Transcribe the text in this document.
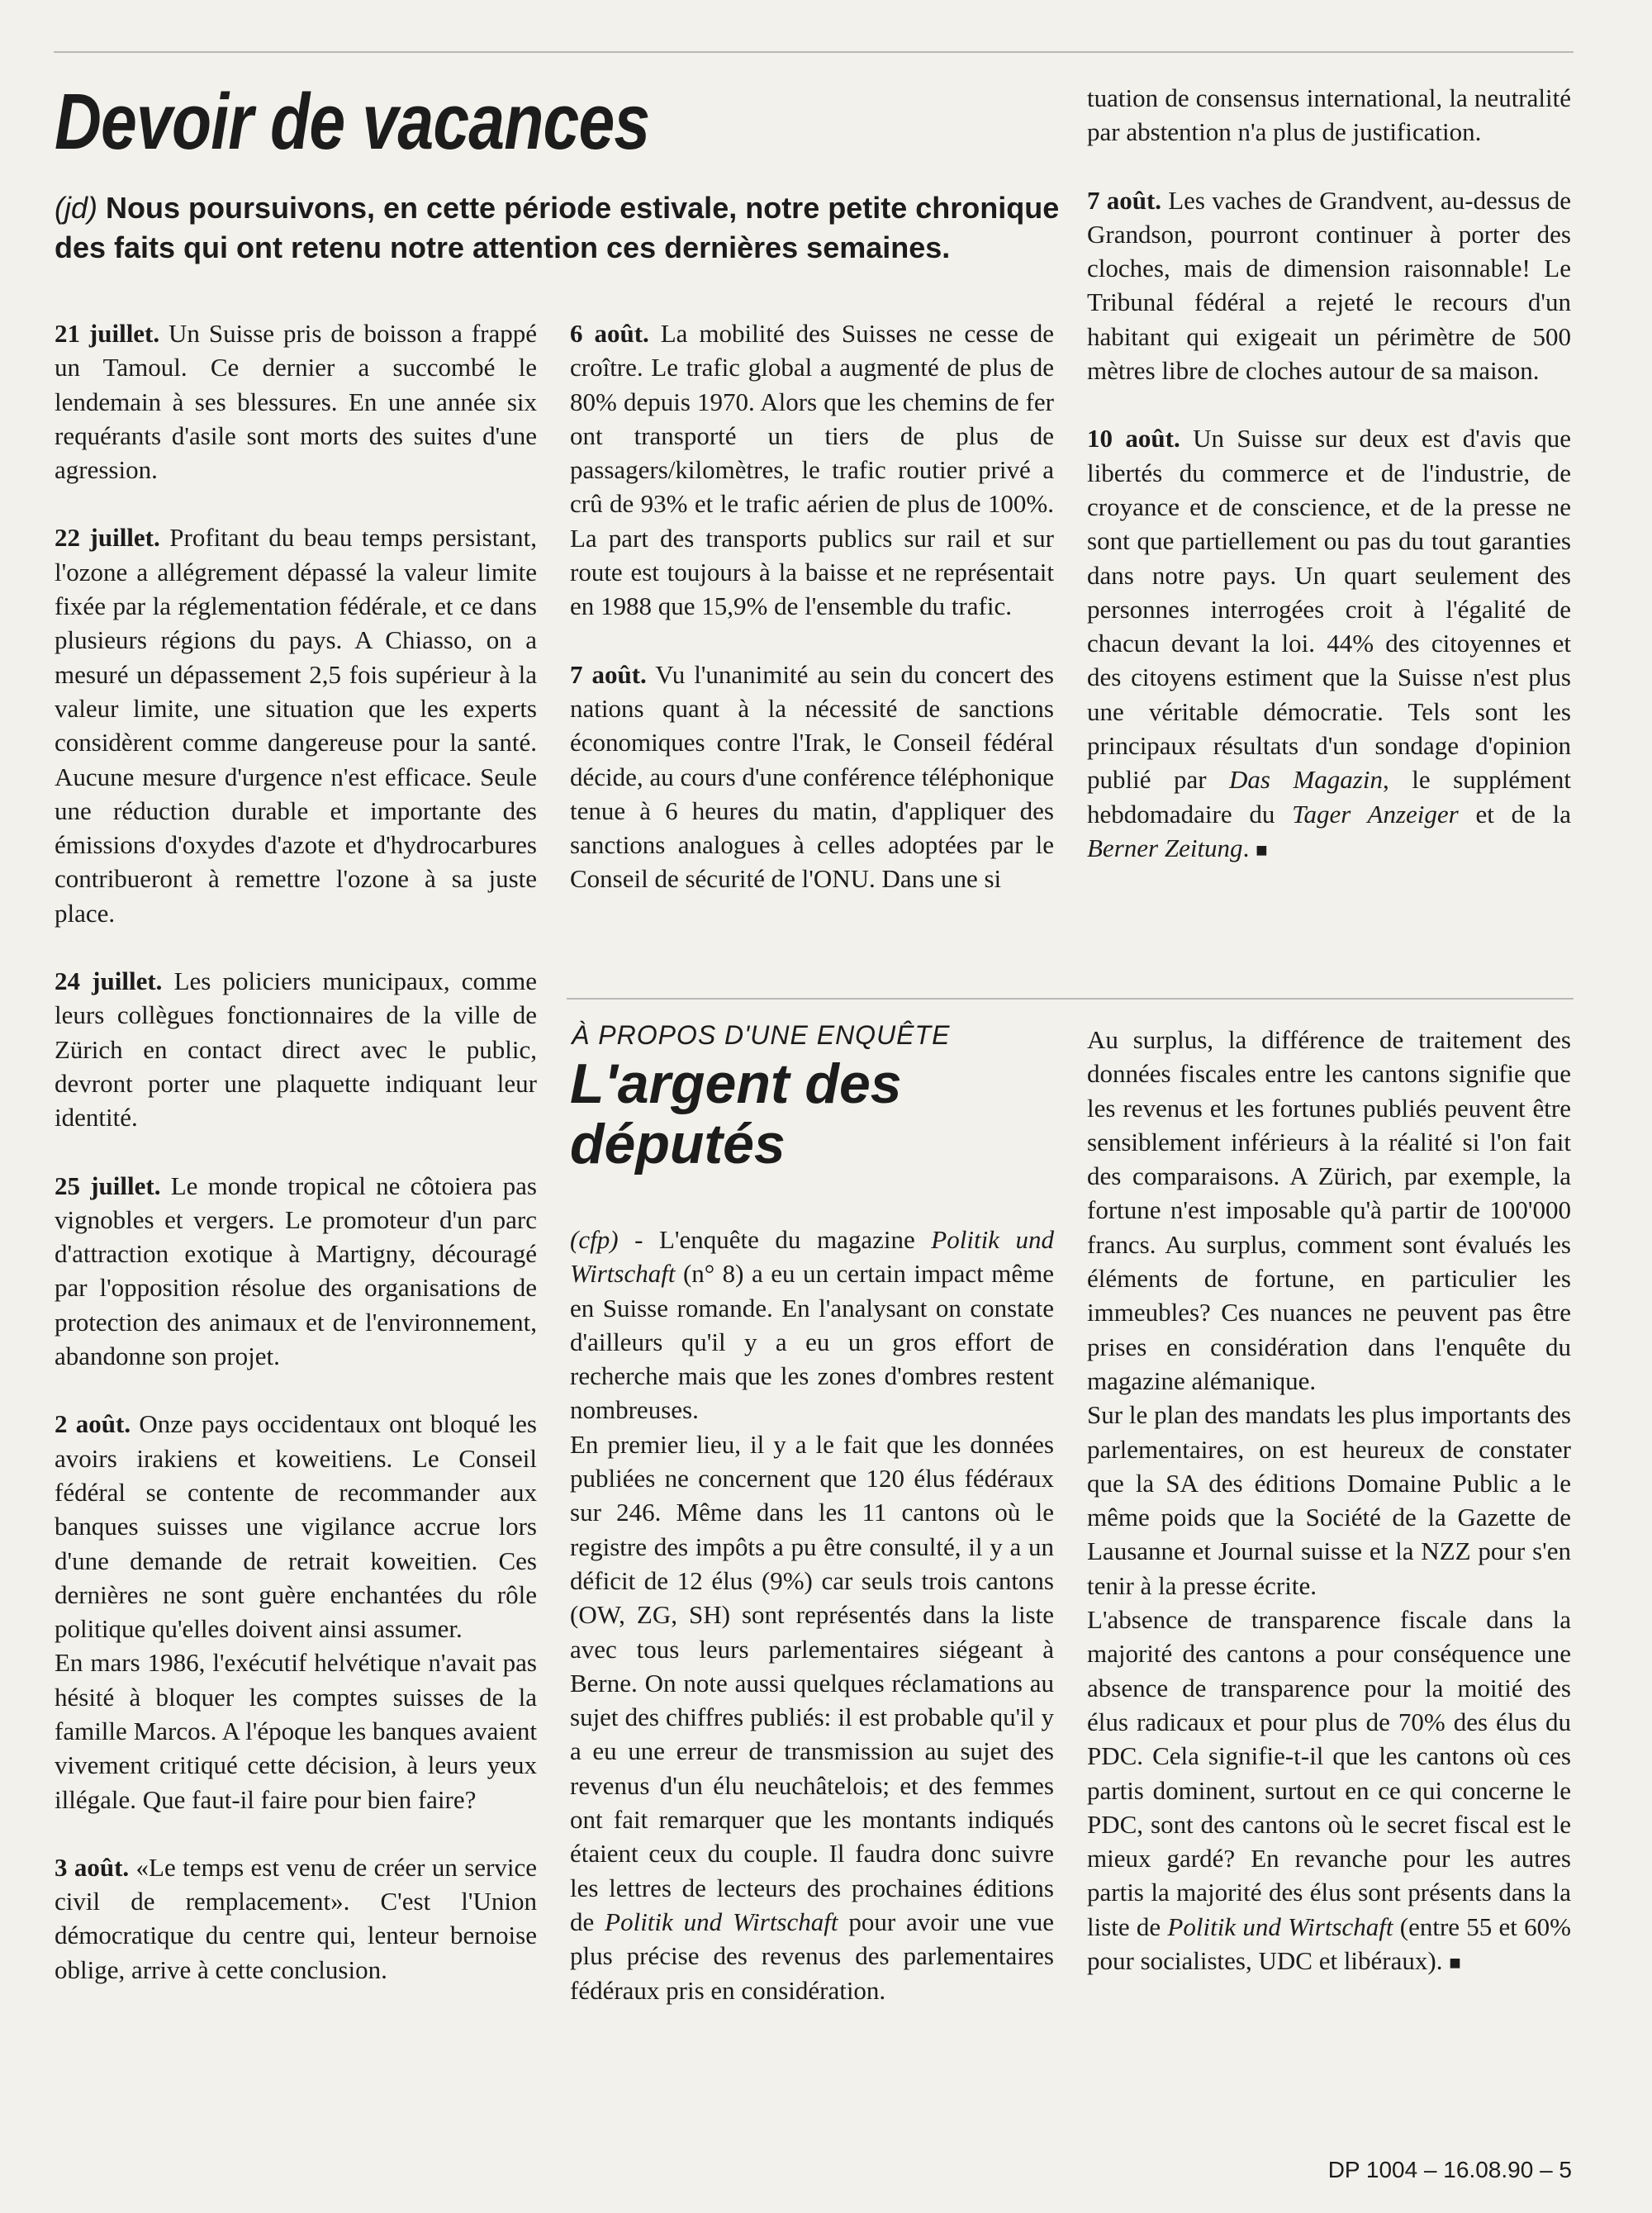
Devoir de vacances

(jd) Nous poursuivons, en cette période estivale, notre petite chronique des faits qui ont retenu notre attention ces dernières semaines.

21 juillet. Un Suisse pris de boisson a frappé un Tamoul. Ce dernier a succombé le lendemain à ses blessures. En une année six requérants d'asile sont morts des suites d'une agression.

22 juillet. Profitant du beau temps persistant, l'ozone a allégrement dépassé la valeur limite fixée par la réglementation fédérale, et ce dans plusieurs régions du pays. A Chiasso, on a mesuré un dépassement 2,5 fois supérieur à la valeur limite, une situation que les experts considèrent comme dangereuse pour la santé. Aucune mesure d'urgence n'est efficace. Seule une réduction durable et importante des émissions d'oxydes d'azote et d'hydrocarbures contribueront à remettre l'ozone à sa juste place.

24 juillet. Les policiers municipaux, comme leurs collègues fonctionnaires de la ville de Zürich en contact direct avec le public, devront porter une plaquette indiquant leur identité.

25 juillet. Le monde tropical ne côtoiera pas vignobles et vergers. Le promoteur d'un parc d'attraction exotique à Martigny, découragé par l'opposition résolue des organisations de protection des animaux et de l'environnement, abandonne son projet.

2 août. Onze pays occidentaux ont bloqué les avoirs irakiens et koweitiens. Le Conseil fédéral se contente de recommander aux banques suisses une vigilance accrue lors d'une demande de retrait koweitien. Ces dernières ne sont guère enchantées du rôle politique qu'elles doivent ainsi assumer.

En mars 1986, l'exécutif helvétique n'avait pas hésité à bloquer les comptes suisses de la famille Marcos. A l'époque les banques avaient vivement critiqué cette décision, à leurs yeux illégale. Que faut-il faire pour bien faire?

3 août. «Le temps est venu de créer un service civil de remplacement». C'est l'Union démocratique du centre qui, lenteur bernoise oblige, arrive à cette conclusion.

6 août. La mobilité des Suisses ne cesse de croître. Le trafic global a augmenté de plus de 80% depuis 1970. Alors que les chemins de fer ont transporté un tiers de plus de passagers/kilomètres, le trafic routier privé a crû de 93% et le trafic aérien de plus de 100%. La part des transports publics sur rail et sur route est toujours à la baisse et ne représentait en 1988 que 15,9% de l'ensemble du trafic.

7 août. Vu l'unanimité au sein du concert des nations quant à la nécessité de sanctions économiques contre l'Irak, le Conseil fédéral décide, au cours d'une conférence téléphonique tenue à 6 heures du matin, d'appliquer des sanctions analogues à celles adoptées par le Conseil de sécurité de l'ONU. Dans une si

tuation de consensus international, la neutralité par abstention n'a plus de justification.

7 août. Les vaches de Grandvent, au-dessus de Grandson, pourront continuer à porter des cloches, mais de dimension raisonnable! Le Tribunal fédéral a rejeté le recours d'un habitant qui exigeait un périmètre de 500 mètres libre de cloches autour de sa maison.

10 août. Un Suisse sur deux est d'avis que libertés du commerce et de l'industrie, de croyance et de conscience, et de la presse ne sont que partiellement ou pas du tout garanties dans notre pays. Un quart seulement des personnes interrogées croit à l'égalité de chacun devant la loi. 44% des citoyennes et des citoyens estiment que la Suisse n'est plus une véritable démocratie. Tels sont les principaux résultats d'un sondage d'opinion publié par Das Magazin, le supplément hebdomadaire du Tager Anzeiger et de la Berner Zeitung. ■

À PROPOS D'UNE ENQUÊTE

L'argent des
députés

(cfp) - L'enquête du magazine Politik und Wirtschaft (n° 8) a eu un certain impact même en Suisse romande. En l'analysant on constate d'ailleurs qu'il y a eu un gros effort de recherche mais que les zones d'ombres restent nombreuses.

En premier lieu, il y a le fait que les données publiées ne concernent que 120 élus fédéraux sur 246. Même dans les 11 cantons où le registre des impôts a pu être consulté, il y a un déficit de 12 élus (9%) car seuls trois cantons (OW, ZG, SH) sont représentés dans la liste avec tous leurs parlementaires siégeant à Berne. On note aussi quelques réclamations au sujet des chiffres publiés: il est probable qu'il y a eu une erreur de transmission au sujet des revenus d'un élu neuchâtelois; et des femmes ont fait remarquer que les montants indiqués étaient ceux du couple. Il faudra donc suivre les lettres de lecteurs des prochaines éditions de Politik und Wirtschaft pour avoir une vue plus précise des revenus des parlementaires fédéraux pris en considération.

Au surplus, la différence de traitement des données fiscales entre les cantons signifie que les revenus et les fortunes publiés peuvent être sensiblement inférieurs à la réalité si l'on fait des comparaisons. A Zürich, par exemple, la fortune n'est imposable qu'à partir de 100'000 francs. Au surplus, comment sont évalués les éléments de fortune, en particulier les immeubles? Ces nuances ne peuvent pas être prises en considération dans l'enquête du magazine alémanique.

Sur le plan des mandats les plus importants des parlementaires, on est heureux de constater que la SA des éditions Domaine Public a le même poids que la Société de la Gazette de Lausanne et Journal suisse et la NZZ pour s'en tenir à la presse écrite.

L'absence de transparence fiscale dans la majorité des cantons a pour conséquence une absence de transparence pour la moitié des élus radicaux et pour plus de 70% des élus du PDC. Cela signifie-t-il que les cantons où ces partis dominent, surtout en ce qui concerne le PDC, sont des cantons où le secret fiscal est le mieux gardé? En revanche pour les autres partis la majorité des élus sont présents dans la liste de Politik und Wirtschaft (entre 55 et 60% pour socialistes, UDC et libéraux). ■

DP 1004 – 16.08.90 – 5
